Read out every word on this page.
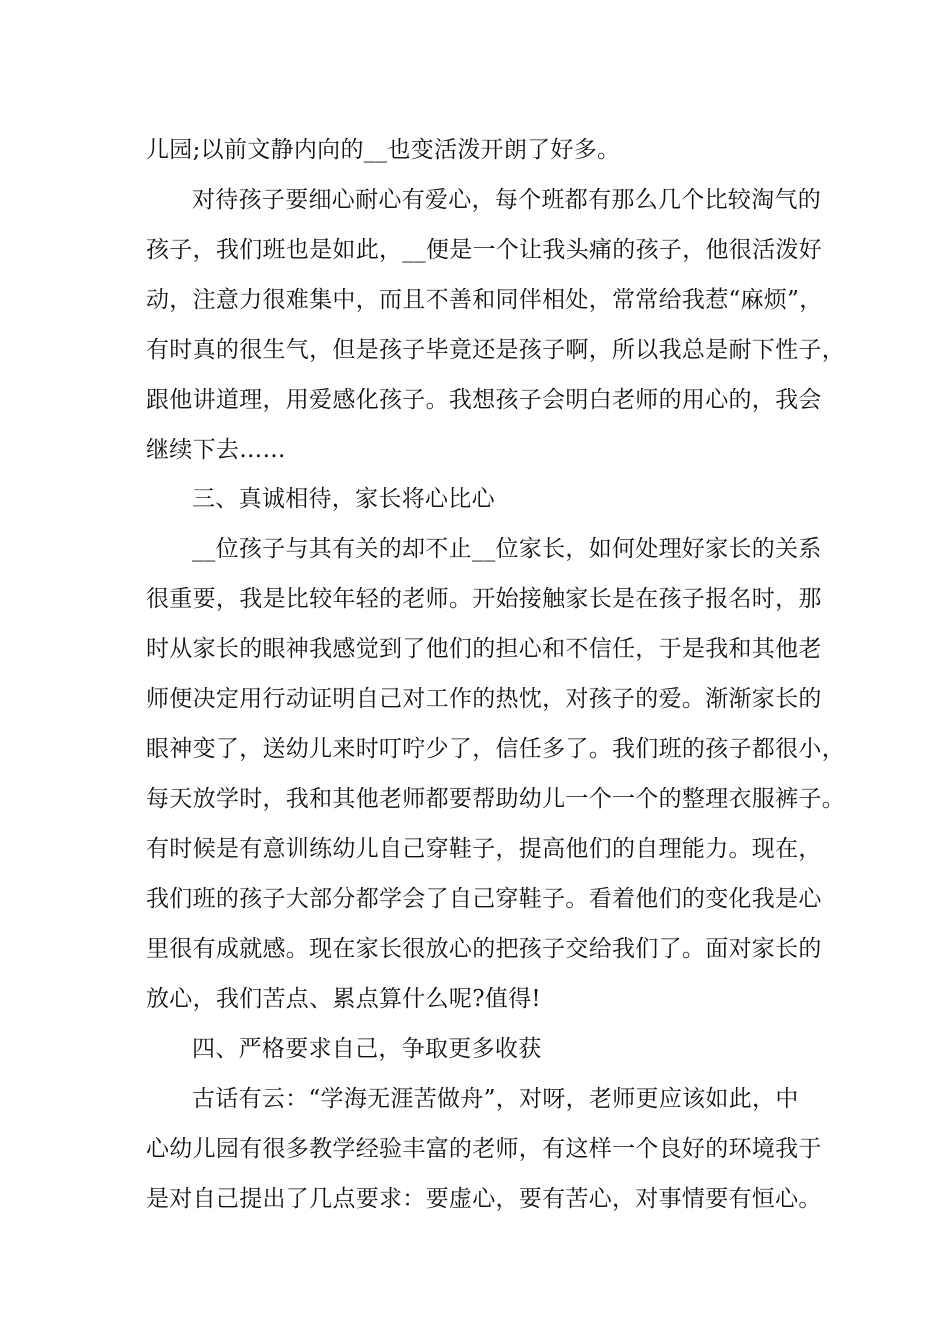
儿园;以前文静内向的__也变活泼开朗了好多。
对待孩子要细心耐心有爱心，每个班都有那么几个比较淘气的
孩子，我们班也是如此，__便是一个让我头痛的孩子，他很活泼好
动，注意力很难集中，而且不善和同伴相处，常常给我惹“麻烦”，
有时真的很生气，但是孩子毕竟还是孩子啊，所以我总是耐下性子，
跟他讲道理，用爱感化孩子。我想孩子会明白老师的用心的，我会
继续下去……
三、真诚相待，家长将心比心
__位孩子与其有关的却不止__位家长，如何处理好家长的关系
很重要，我是比较年轻的老师。开始接触家长是在孩子报名时，那
时从家长的眼神我感觉到了他们的担心和不信任，于是我和其他老
师便决定用行动证明自己对工作的热忱，对孩子的爱。渐渐家长的
眼神变了，送幼儿来时叮咛少了，信任多了。我们班的孩子都很小，
每天放学时，我和其他老师都要帮助幼儿一个一个的整理衣服裤子。
有时候是有意训练幼儿自己穿鞋子，提高他们的自理能力。现在，
我们班的孩子大部分都学会了自己穿鞋子。看着他们的变化我是心
里很有成就感。现在家长很放心的把孩子交给我们了。面对家长的
放心，我们苦点、累点算什么呢?值得!
四、严格要求自己，争取更多收获
古话有云：“学海无涯苦做舟”，对呀，老师更应该如此，中
心幼儿园有很多教学经验丰富的老师，有这样一个良好的环境我于
是对自己提出了几点要求：要虚心，要有苦心，对事情要有恒心。
